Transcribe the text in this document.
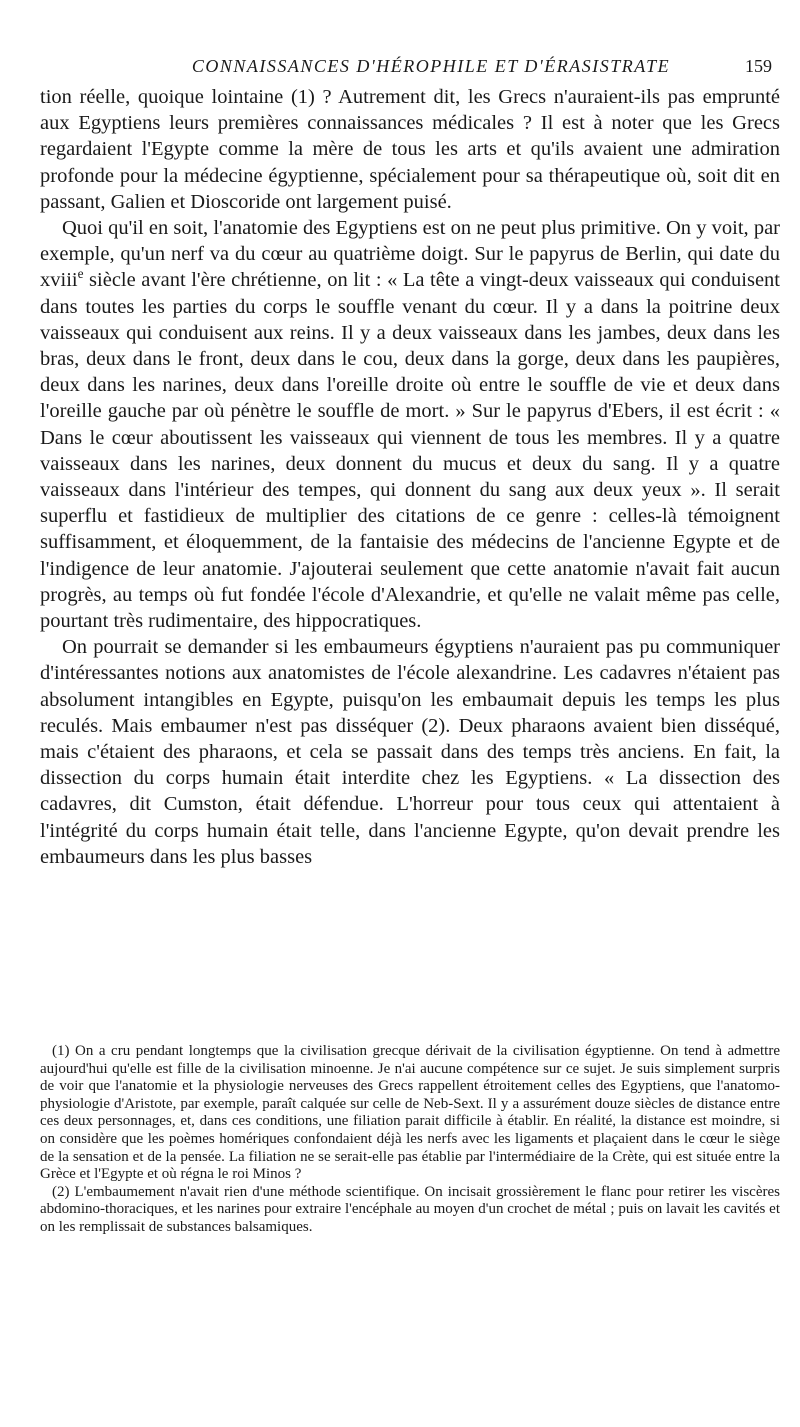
CONNAISSANCES D'HÉROPHILE ET D'ÉRASISTRATE	159

tion réelle, quoique lointaine (1) ? Autrement dit, les Grecs n'auraient-ils pas emprunté aux Egyptiens leurs premières connaissances médicales ? Il est à noter que les Grecs regardaient l'Egypte comme la mère de tous les arts et qu'ils avaient une admiration profonde pour la médecine égyptienne, spécialement pour sa thérapeutique où, soit dit en passant, Galien et Dioscoride ont largement puisé.

Quoi qu'il en soit, l'anatomie des Egyptiens est on ne peut plus primitive. On y voit, par exemple, qu'un nerf va du cœur au quatrième doigt. Sur le papyrus de Berlin, qui date du xviii$^e$ siècle avant l'ère chrétienne, on lit : « La tête a vingt-deux vaisseaux qui conduisent dans toutes les parties du corps le souffle venant du cœur. Il y a dans la poitrine deux vaisseaux qui conduisent aux reins. Il y a deux vaisseaux dans les jambes, deux dans les bras, deux dans le front, deux dans le cou, deux dans la gorge, deux dans les paupières, deux dans les narines, deux dans l'oreille droite où entre le souffle de vie et deux dans l'oreille gauche par où pénètre le souffle de mort. » Sur le papyrus d'Ebers, il est écrit : « Dans le cœur aboutissent les vaisseaux qui viennent de tous les membres. Il y a quatre vaisseaux dans les narines, deux donnent du mucus et deux du sang. Il y a quatre vaisseaux dans l'intérieur des tempes, qui donnent du sang aux deux yeux ». Il serait superflu et fastidieux de multiplier des citations de ce genre : celles-là témoignent suffisamment, et éloquemment, de la fantaisie des médecins de l'ancienne Egypte et de l'indigence de leur anatomie. J'ajouterai seulement que cette anatomie n'avait fait aucun progrès, au temps où fut fondée l'école d'Alexandrie, et qu'elle ne valait même pas celle, pourtant très rudimentaire, des hippocratiques.

On pourrait se demander si les embaumeurs égyptiens n'auraient pas pu communiquer d'intéressantes notions aux anatomistes de l'école alexandrine. Les cadavres n'étaient pas absolument intangibles en Egypte, puisqu'on les embaumait depuis les temps les plus reculés. Mais embaumer n'est pas disséquer (2). Deux pharaons avaient bien disséqué, mais c'étaient des pharaons, et cela se passait dans des temps très anciens. En fait, la dissection du corps humain était interdite chez les Egyptiens. « La dissection des cadavres, dit Cumston, était défendue. L'horreur pour tous ceux qui attentaient à l'intégrité du corps humain était telle, dans l'ancienne Egypte, qu'on devait prendre les embaumeurs dans les plus basses

(1) On a cru pendant longtemps que la civilisation grecque dérivait de la civilisation égyptienne. On tend à admettre aujourd'hui qu'elle est fille de la civilisation minoenne. Je n'ai aucune compétence sur ce sujet. Je suis simplement surpris de voir que l'anatomie et la physiologie nerveuses des Grecs rappellent étroitement celles des Egyptiens, que l'anatomo-physiologie d'Aristote, par exemple, paraît calquée sur celle de Neb-Sext. Il y a assurément douze siècles de distance entre ces deux personnages, et, dans ces conditions, une filiation parait difficile à établir. En réalité, la distance est moindre, si on considère que les poèmes homériques confondaient déjà les nerfs avec les ligaments et plaçaient dans le cœur le siège de la sensation et de la pensée. La filiation ne se serait-elle pas établie par l'intermédiaire de la Crète, qui est située entre la Grèce et l'Egypte et où régna le roi Minos ?

(2) L'embaumement n'avait rien d'une méthode scientifique. On incisait grossièrement le flanc pour retirer les viscères abdomino-thoraciques, et les narines pour extraire l'encéphale au moyen d'un crochet de métal ; puis on lavait les cavités et on les remplissait de substances balsamiques.
